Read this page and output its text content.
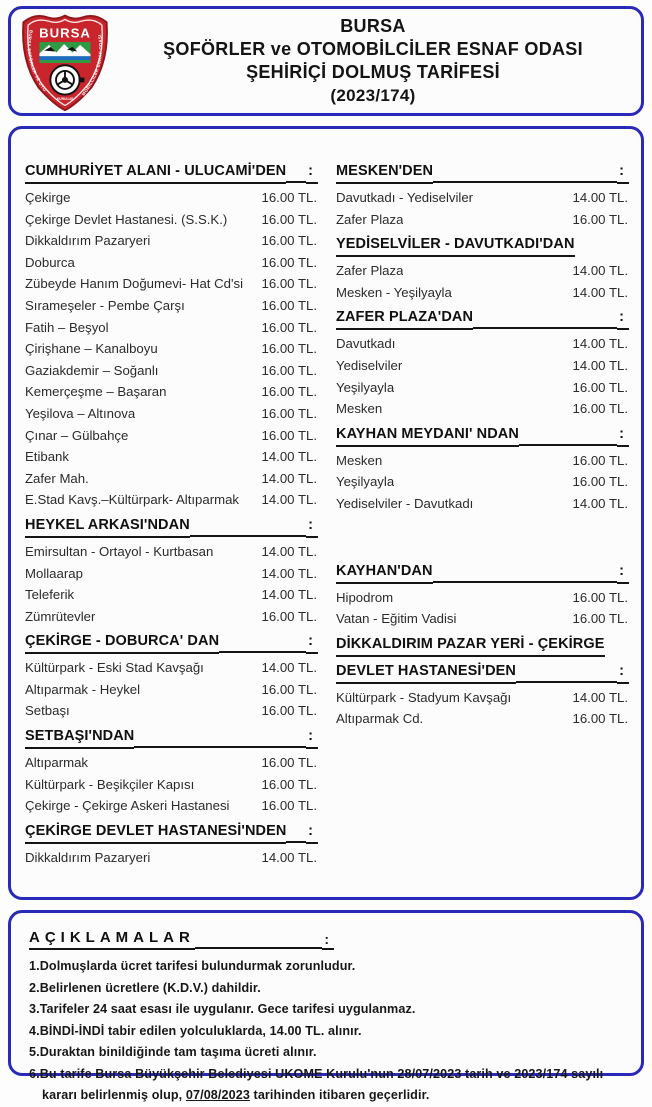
BURSA
KURULUŞ
BURSA ŞOFÖRLER VE OTO
MOBİLCİLER ESNAF ODASI	BURSA
ŞOFÖRLER ve OTOMOBİLCİLER ESNAF ODASI
ŞEHİRİÇİ DOLMUŞ TARİFESİ
(2023/174)
CUMHURİYET ALANI - ULUCAMİ'DEN :
Çekirge	16.00 TL.
Çekirge Devlet Hastanesi. (S.S.K.)	16.00 TL.
Dikkaldırım Pazaryeri	16.00 TL.
Doburca	16.00 TL.
Zübeyde Hanım Doğumevi- Hat Cd'si 16.00 TL.
Sırameşeler - Pembe Çarşı	16.00 TL.
Fatih – Beşyol	16.00 TL.
Çirişhane – Kanalboyu	16.00 TL.
Gaziakdemir – Soğanlı	16.00 TL.
Kemerçeşme – Başaran	16.00 TL.
Yeşilova – Altınova	16.00 TL.
Çınar – Gülbahçe	16.00 TL.
Etibank	14.00 TL.
Zafer Mah.	14.00 TL.
E.Stad Kavş.–Kültürpark- Altıparmak 14.00 TL.
HEYKEL ARKASI'NDAN	:
Emirsultan - Ortayol - Kurtbasan	14.00 TL.
Mollaarap	14.00 TL.
Teleferik	14.00 TL.
Zümrütevler	16.00 TL.
ÇEKİRGE - DOBURCA' DAN	:
Kültürpark - Eski Stad Kavşağı	14.00 TL.
Altıparmak - Heykel	16.00 TL.
Setbaşı	16.00 TL.
SETBAŞI'NDAN	:
Altıparmak	16.00 TL.
Kültürpark - Beşikçiler Kapısı	16.00 TL.
Çekirge - Çekirge Askeri Hastanesi 16.00 TL.
ÇEKİRGE DEVLET HASTANESİ'NDEN :
Dikkaldırım Pazaryeri	14.00 TL.
MESKEN'DEN	:
Davutkadı - Yediselviler	14.00 TL.
Zafer Plaza	16.00 TL.
YEDİSELVİLER - DAVUTKADI'DAN
Zafer Plaza	14.00 TL.
Mesken - Yeşilyayla	14.00 TL.
ZAFER PLAZA'DAN	:
Davutkadı	14.00 TL.
Yediselviler	14.00 TL.
Yeşilyayla	16.00 TL.
Mesken	16.00 TL.
KAYHAN MEYDANI' NDAN	:
Mesken	16.00 TL.
Yeşilyayla	16.00 TL.
Yediselviler - Davutkadı	14.00 TL.
KAYHAN'DAN	:
Hipodrom	16.00 TL.
Vatan - Eğitim Vadisi	16.00 TL.
DİKKALDIRIM PAZAR YERİ - ÇEKİRGE
DEVLET HASTANESİ'DEN	:
Kültürpark - Stadyum Kavşağı	14.00 TL.
Altıparmak Cd.	16.00 TL.
AÇIKLAMALAR	:
1.Dolmuşlarda ücret tarifesi bulundurmak zorunludur.
2.Belirlenen ücretlere (K.D.V.) dahildir.
3.Tarifeler 24 saat esası ile uygulanır. Gece tarifesi uygulanmaz.
4.BİNDİ-İNDİ tabir edilen yolculuklarda, 14.00 TL. alınır.
5.Duraktan binildiğinde tam taşıma ücreti alınır.
6.Bu tarife Bursa Büyükşehir Belediyesi UKOME Kurulu'nun 28/07/2023 tarih ve 2023/174 sayılı kararı belirlenmiş olup, 07/08/2023 tarihinden itibaren geçerlidir.
